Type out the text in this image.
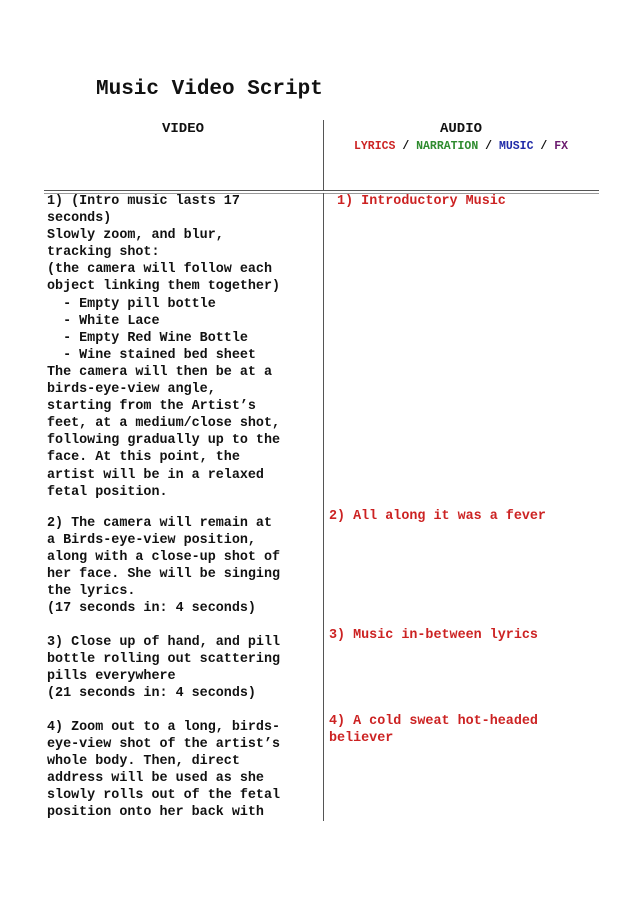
Music Video Script
VIDEO	AUDIO
LYRICS / NARRATION / MUSIC / FX
1) (Intro music lasts 17
seconds)
Slowly zoom, and blur,
tracking shot:
(the camera will follow each
object linking them together)
- Empty pill bottle
- White Lace
- Empty Red Wine Bottle
- Wine stained bed sheet
The camera will then be at a
birds-eye-view angle,
starting from the Artist’s
feet, at a medium/close shot,
following gradually up to the
face. At this point, the
artist will be in a relaxed
fetal position.
1) Introductory Music
2) The camera will remain at
a Birds-eye-view position,
along with a close-up shot of
her face. She will be singing
the lyrics.
(17 seconds in: 4 seconds)
2) All along it was a fever
3) Close up of hand, and pill
bottle rolling out scattering
pills everywhere
(21 seconds in: 4 seconds)
3) Music in-between lyrics
4) Zoom out to a long, birds-
eye-view shot of the artist’s
whole body. Then, direct
address will be used as she
slowly rolls out of the fetal
position onto her back with
4) A cold sweat hot-headed
believer
